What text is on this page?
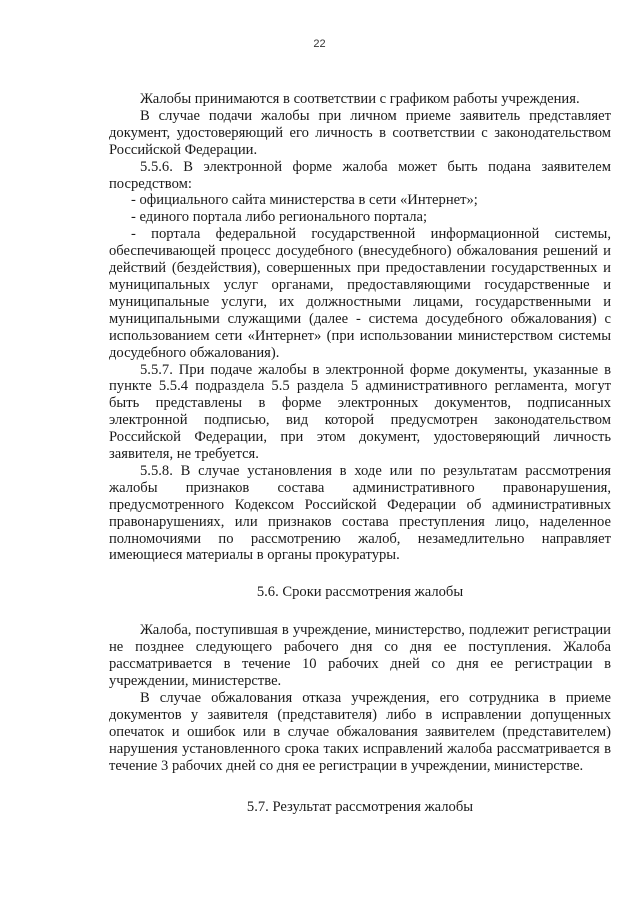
22

Жалобы принимаются в соответствии с графиком работы учреждения.

В случае подачи жалобы при личном приеме заявитель представляет документ, удостоверяющий его личность в соответствии с законодательством Российской Федерации.

5.5.6. В электронной форме жалоба может быть подана заявителем посредством:

- официального сайта министерства в сети «Интернет»;

- единого портала либо регионального портала;

- портала федеральной государственной информационной системы, обеспечивающей процесс досудебного (внесудебного) обжалования решений и действий (бездействия), совершенных при предоставлении государственных и муниципальных услуг органами, предоставляющими государственные и муниципальные услуги, их должностными лицами, государственными и муниципальными служащими (далее - система досудебного обжалования) с использованием сети «Интернет» (при использовании министерством системы досудебного обжалования).

5.5.7. При подаче жалобы в электронной форме документы, указанные в пункте 5.5.4 подраздела 5.5 раздела 5 административного регламента, могут быть представлены в форме электронных документов, подписанных электронной подписью, вид которой предусмотрен законодательством Российской Федерации, при этом документ, удостоверяющий личность заявителя, не требуется.

5.5.8. В случае установления в ходе или по результатам рассмотрения жалобы признаков состава административного правонарушения, предусмотренного Кодексом Российской Федерации об административных правонарушениях, или признаков состава преступления лицо, наделенное полномочиями по рассмотрению жалоб, незамедлительно направляет имеющиеся материалы в органы прокуратуры.

5.6. Сроки рассмотрения жалобы

Жалоба, поступившая в учреждение, министерство, подлежит регистрации не позднее следующего рабочего дня со дня ее поступления. Жалоба рассматривается в течение 10 рабочих дней со дня ее регистрации в учреждении, министерстве.

В случае обжалования отказа учреждения, его сотрудника в приеме документов у заявителя (представителя) либо в исправлении допущенных опечаток и ошибок или в случае обжалования заявителем (представителем) нарушения установленного срока таких исправлений жалоба рассматривается в течение 3 рабочих дней со дня ее регистрации в учреждении, министерстве.

5.7. Результат рассмотрения жалобы
